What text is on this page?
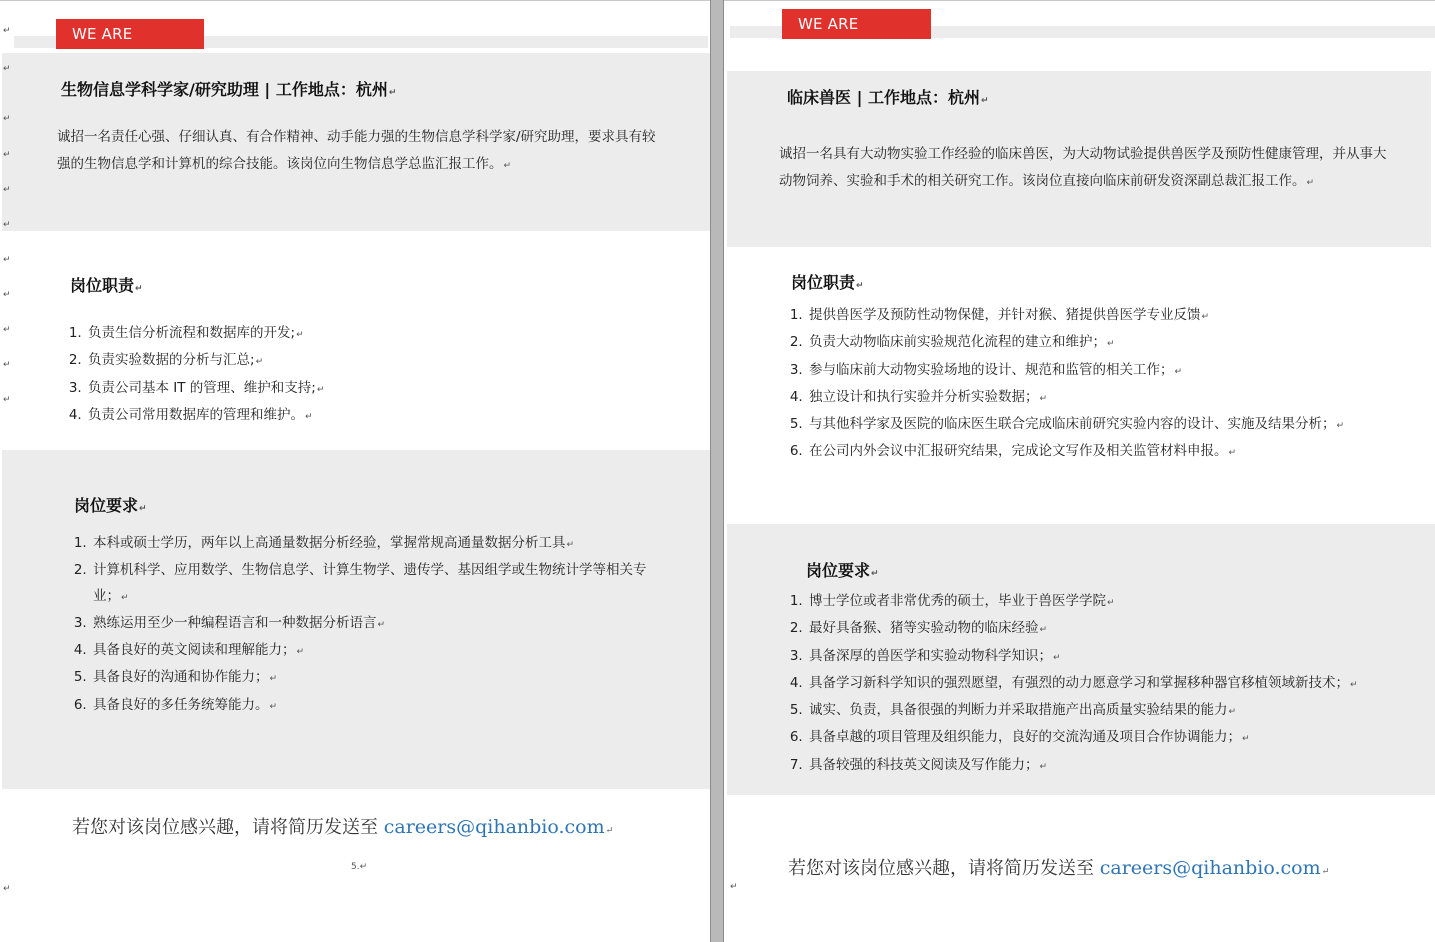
WE ARE
生物信息学科学家/研究助理 | 工作地点：杭州↵

诚招一名责任心强、仔细认真、有合作精神、动手能力强的生物信息学科学家/研究助理，要求具有较强的生物信息学和计算机的综合技能。该岗位向生物信息学总监汇报工作。↵

岗位职责↵
1. 负责生信分析流程和数据库的开发;↵
2. 负责实验数据的分析与汇总;↵
3. 负责公司基本 IT 的管理、维护和支持;↵
4. 负责公司常用数据库的管理和维护。↵
岗位要求↵
1. 本科或硕士学历，两年以上高通量数据分析经验，掌握常规高通量数据分析工具↵
2. 计算机科学、应用数学、生物信息学、计算生物学、遗传学、基因组学或生物统计学等相关专业；↵
3. 熟练运用至少一种编程语言和一种数据分析语言↵
4. 具备良好的英文阅读和理解能力；↵
5. 具备良好的沟通和协作能力；↵
6. 具备良好的多任务统筹能力。↵
若您对该岗位感兴趣，请将简历发送至 careers@qihanbio.com↵
5.↵
↵
↵
↵
↵
↵
↵
↵
↵
↵
↵
↵
↵
WE ARE HIRING
临床兽医 | 工作地点：杭州↵

诚招一名具有大动物实验工作经验的临床兽医，为大动物试验提供兽医学及预防性健康管理，并从事大动物饲养、实验和手术的相关研究工作。该岗位直接向临床前研发资深副总裁汇报工作。↵

岗位职责↵
1. 提供兽医学及预防性动物保健，并针对猴、猪提供兽医学专业反馈↵
2. 负责大动物临床前实验规范化流程的建立和维护；↵
3. 参与临床前大动物实验场地的设计、规范和监管的相关工作；↵
4. 独立设计和执行实验并分析实验数据；↵
5. 与其他科学家及医院的临床医生联合完成临床前研究实验内容的设计、实施及结果分析；↵
6. 在公司内外会议中汇报研究结果，完成论文写作及相关监管材料申报。↵
岗位要求↵
1. 博士学位或者非常优秀的硕士，毕业于兽医学学院↵
2. 最好具备猴、猪等实验动物的临床经验↵
3. 具备深厚的兽医学和实验动物科学知识；↵
4. 具备学习新科学知识的强烈愿望，有强烈的动力愿意学习和掌握移种器官移植领域新技术；↵
5. 诚实、负责，具备很强的判断力并采取措施产出高质量实验结果的能力↵
6. 具备卓越的项目管理及组织能力，良好的交流沟通及项目合作协调能力；↵
7. 具备较强的科技英文阅读及写作能力；↵
若您对该岗位感兴趣，请将简历发送至 careers@qihanbio.com↵
↵
